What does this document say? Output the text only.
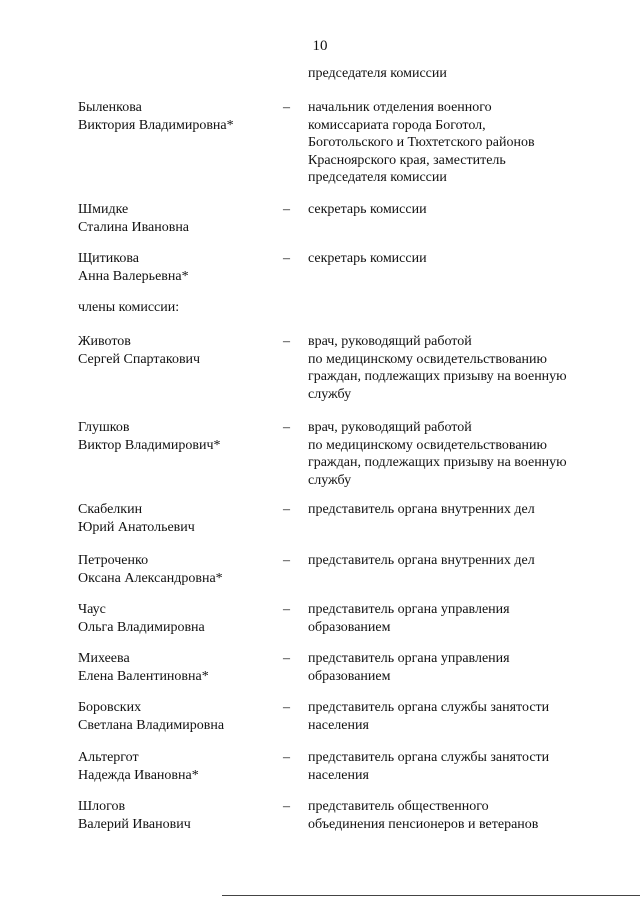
10
председателя комиссии
члены комиссии:
Быленкова
Виктория Владимировна*
– начальник отделения военного
комиссариата города Боготол,
Боготольского и Тюхтетского районов
Красноярского края, заместитель
председателя комиссии
Шмидке
Сталина Ивановна
– секретарь комиссии
Щитикова
Анна Валерьевна*
– секретарь комиссии
Животов
Сергей Спартакович
– врач, руководящий работой
по медицинскому освидетельствованию
граждан, подлежащих призыву на военную
службу
Глушков
Виктор Владимирович*
– врач, руководящий работой
по медицинскому освидетельствованию
граждан, подлежащих призыву на военную
службу
Скабелкин
Юрий Анатольевич
– представитель органа внутренних дел
Петроченко
Оксана Александровна*
– представитель органа внутренних дел
Чаус
Ольга Владимировна
– представитель органа управления
образованием
Михеева
Елена Валентиновна*
– представитель органа управления
образованием
Боровских
Светлана Владимировна
– представитель органа службы занятости
населения
Альтергот
Надежда Ивановна*
– представитель органа службы занятости
населения
Шлогов
Валерий Иванович
– представитель общественного
объединения пенсионеров и ветеранов
